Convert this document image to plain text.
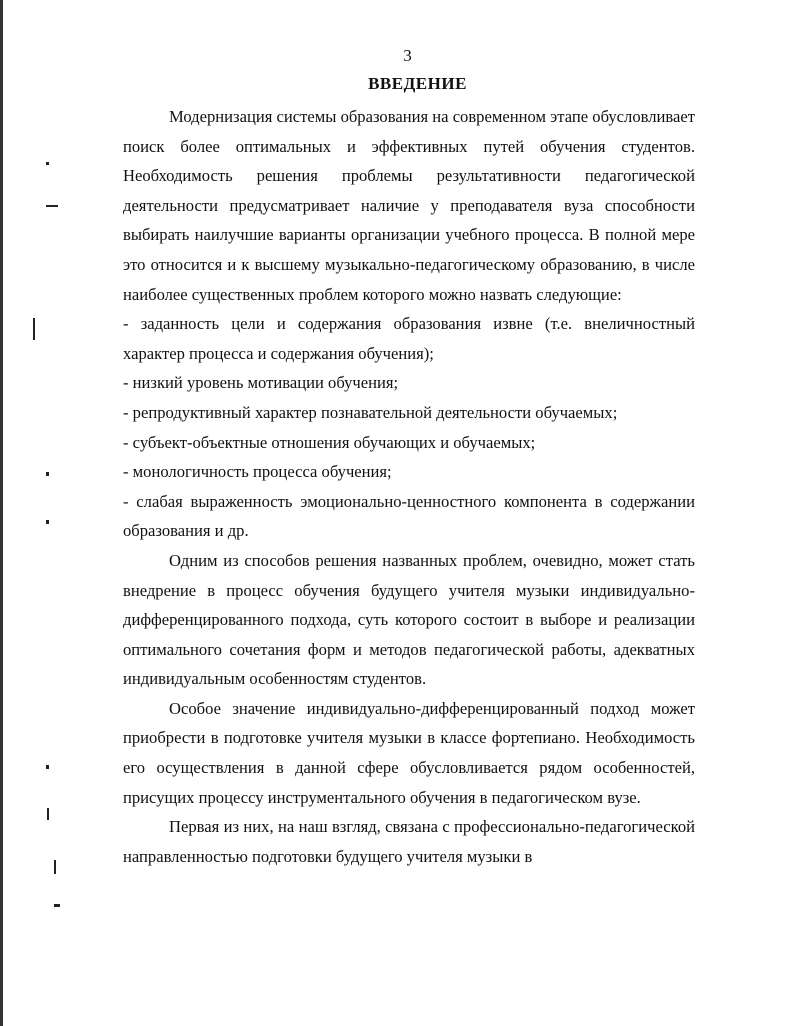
3
ВВЕДЕНИЕ

Модернизация системы образования на современном этапе обусловливает поиск более оптимальных и эффективных путей обучения студентов. Необходимость решения проблемы результативности педагогической деятельности предусматривает наличие у преподавателя вуза способности выбирать наилучшие варианты организации учебного процесса. В полной мере это относится и к высшему музыкально-педагогическому образованию, в числе наиболее существенных проблем которого можно назвать следующие:

- заданность цели и содержания образования извне (т.е. внеличностный характер процесса и содержания обучения);

- низкий уровень мотивации обучения;

- репродуктивный характер познавательной деятельности обучаемых;

- субъект-объектные отношения обучающих и обучаемых;

- монологичность процесса обучения;

- слабая выраженность эмоционально-ценностного компонента в содержании образования и др.

Одним из способов решения названных проблем, очевидно, может стать внедрение в процесс обучения будущего учителя музыки индивидуально-дифференцированного подхода, суть которого состоит в выборе и реализации оптимального сочетания форм и методов педагогической работы, адекватных индивидуальным особенностям студентов.

Особое значение индивидуально-дифференцированный подход может приобрести в подготовке учителя музыки в классе фортепиано. Необходимость его осуществления в данной сфере обусловливается рядом особенностей, присущих процессу инструментального обучения в педагогическом вузе.

Первая из них, на наш взгляд, связана с профессионально-педагогической направленностью подготовки будущего учителя музыки в
